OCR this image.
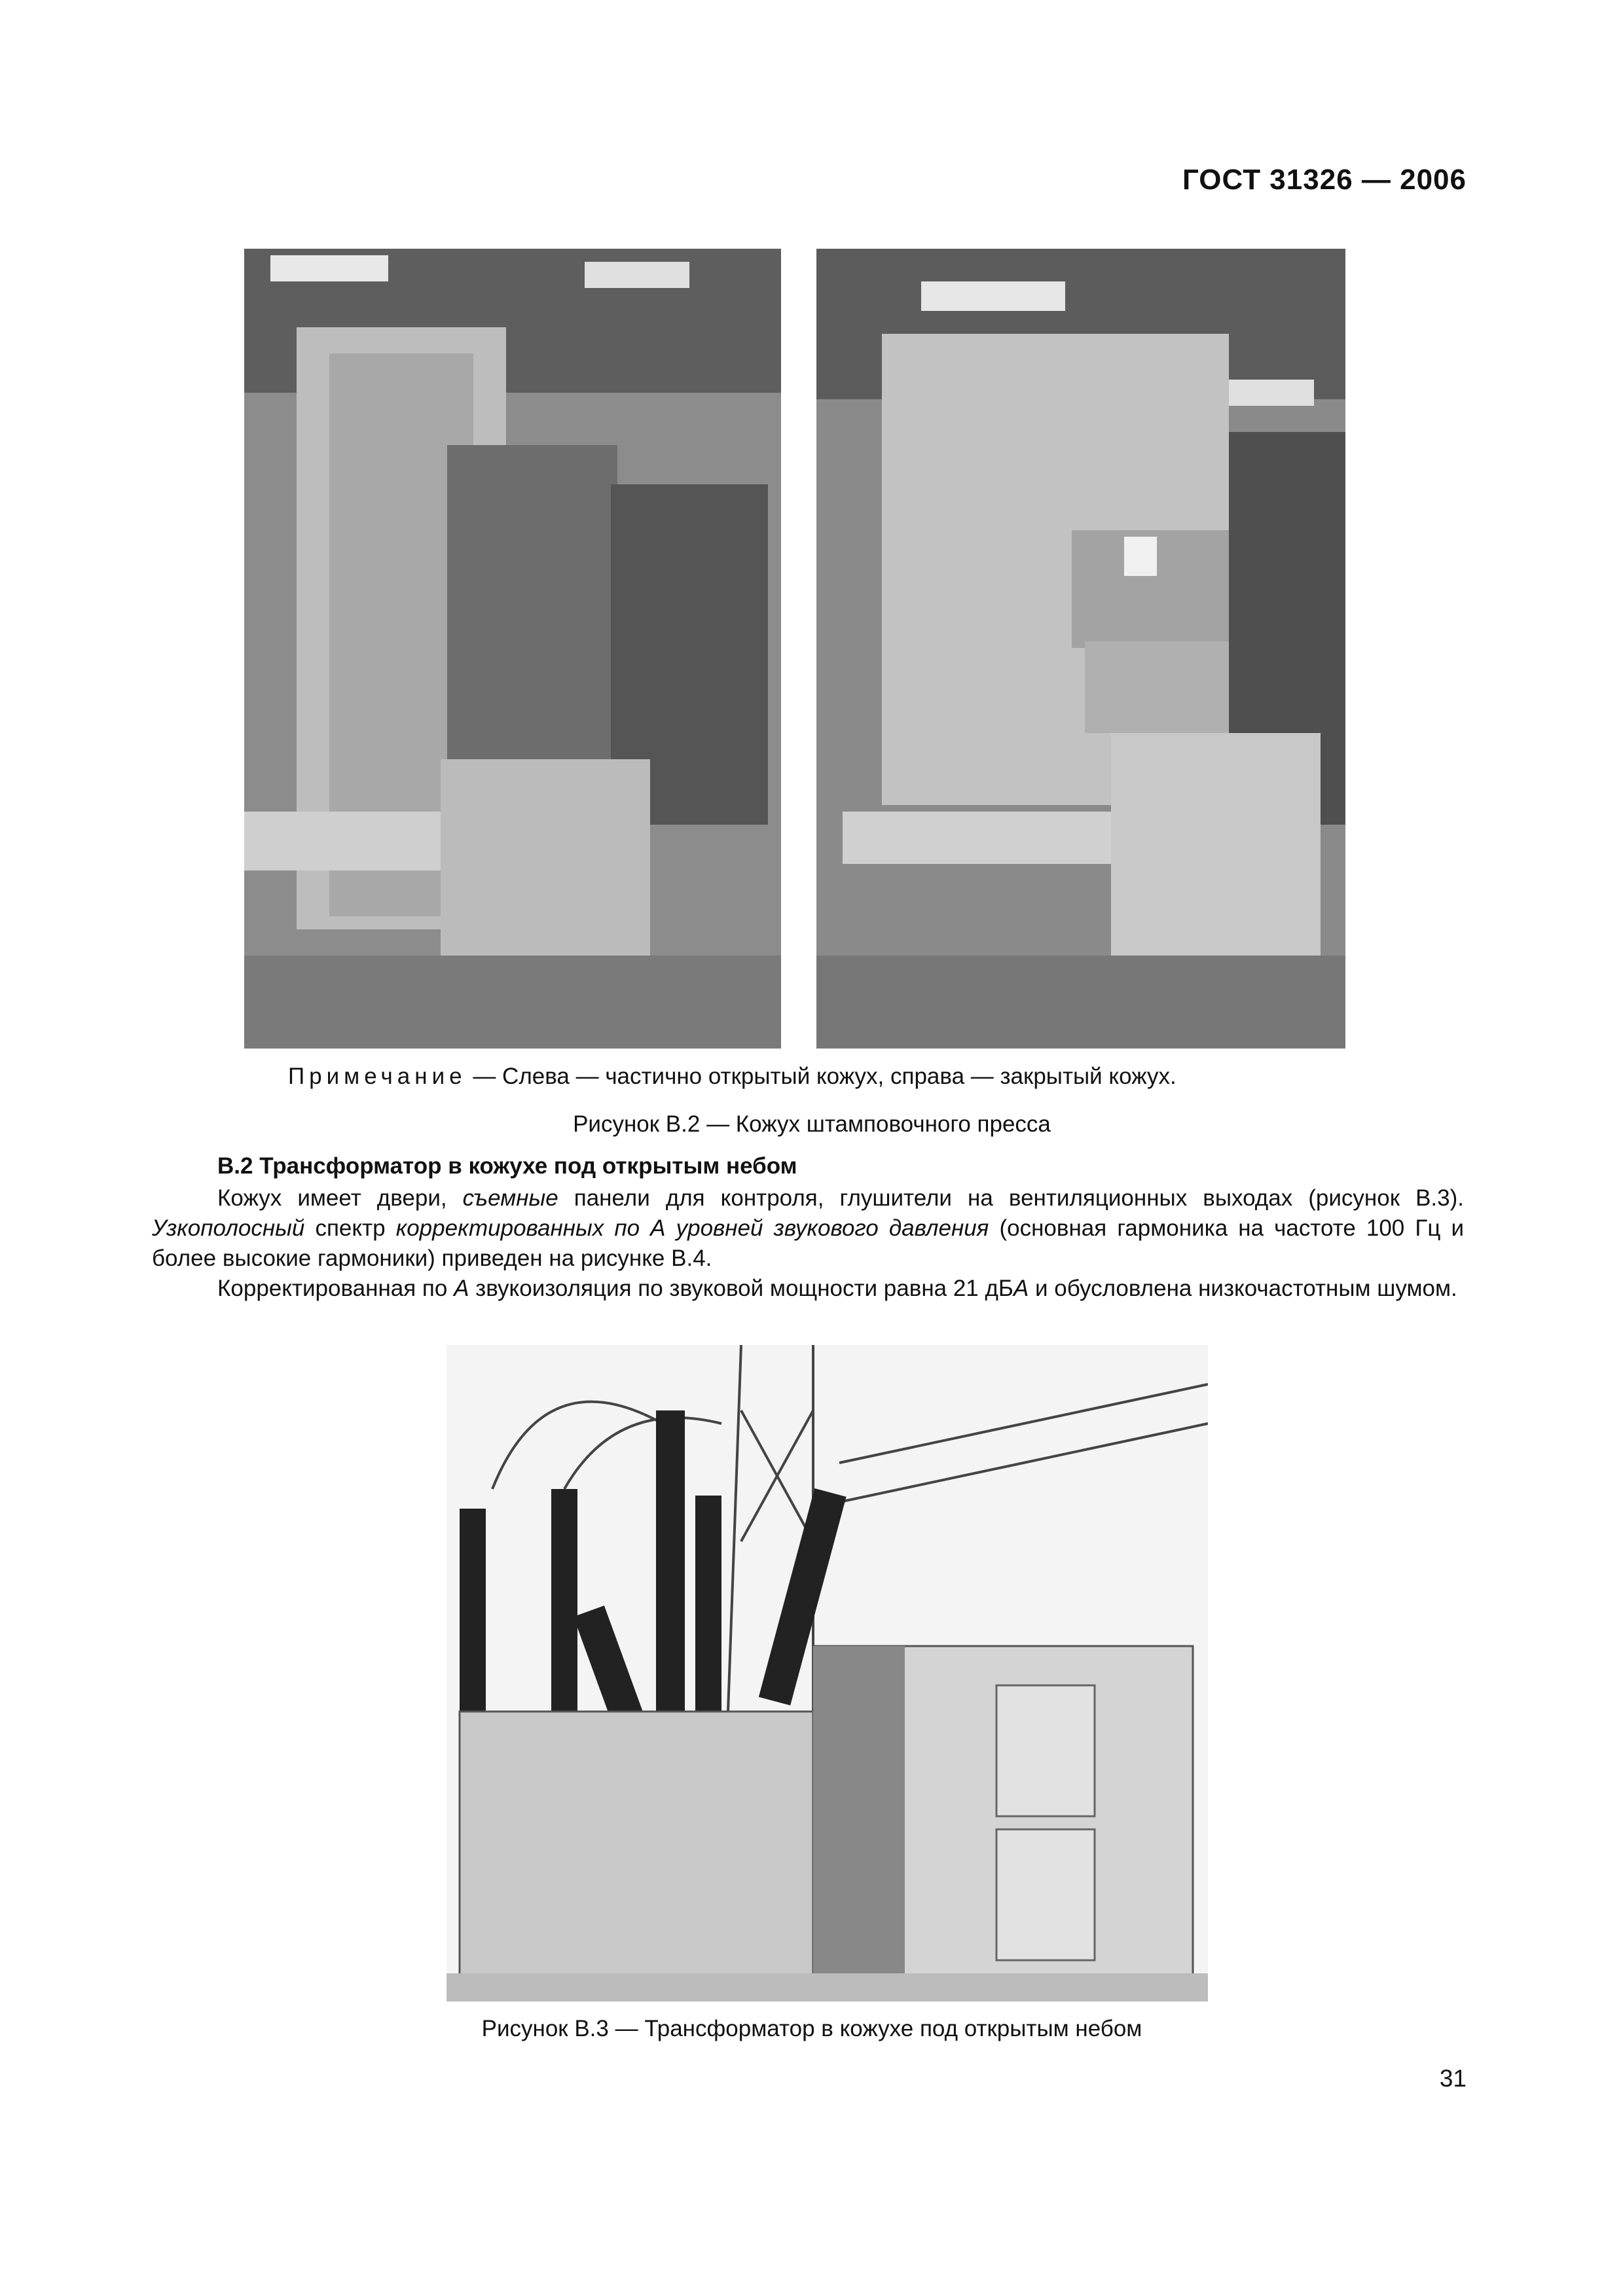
ГОСТ 31326 — 2006
Примечание — Слева — частично открытый кожух, справа — закрытый кожух.
Рисунок В.2 — Кожух штамповочного пресса
В.2 Трансформатор в кожухе под открытым небом
Кожух имеет двери, съемные панели для контроля, глушители на вентиляционных выходах (рисунок В.3). Узкополосный спектр корректированных по А уровней звукового давления (основная гармоника на частоте 100 Гц и более высокие гармоники) приведен на рисунке В.4.
Корректированная по А звукоизоляция по звуковой мощности равна 21 дБА и обусловлена низкочастотным шумом.
Рисунок В.3 — Трансформатор в кожухе под открытым небом
31
